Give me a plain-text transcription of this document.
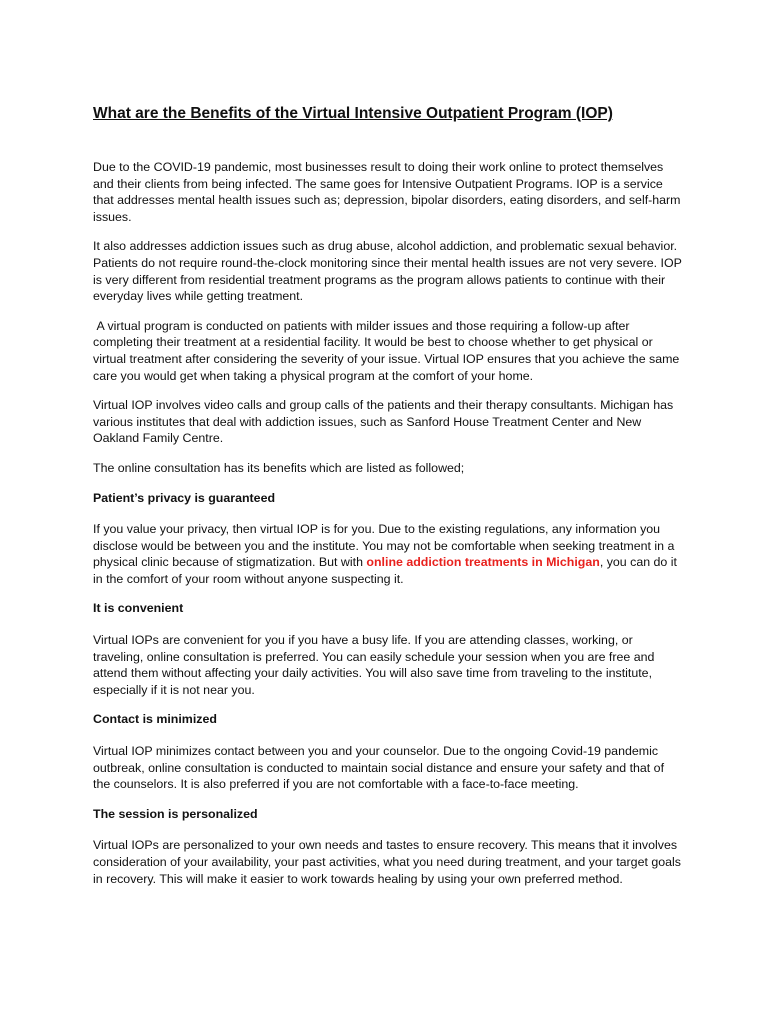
What are the Benefits of the Virtual Intensive Outpatient Program (IOP)

Due to the COVID-19 pandemic, most businesses result to doing their work online to protect themselves and their clients from being infected. The same goes for Intensive Outpatient Programs. IOP is a service that addresses mental health issues such as; depression, bipolar disorders, eating disorders, and self-harm issues.

It also addresses addiction issues such as drug abuse, alcohol addiction, and problematic sexual behavior. Patients do not require round-the-clock monitoring since their mental health issues are not very severe. IOP is very different from residential treatment programs as the program allows patients to continue with their everyday lives while getting treatment.

A virtual program is conducted on patients with milder issues and those requiring a follow-up after completing their treatment at a residential facility. It would be best to choose whether to get physical or virtual treatment after considering the severity of your issue. Virtual IOP ensures that you achieve the same care you would get when taking a physical program at the comfort of your home.

Virtual IOP involves video calls and group calls of the patients and their therapy consultants. Michigan has various institutes that deal with addiction issues, such as Sanford House Treatment Center and New Oakland Family Centre.

The online consultation has its benefits which are listed as followed;

Patient’s privacy is guaranteed

If you value your privacy, then virtual IOP is for you. Due to the existing regulations, any information you disclose would be between you and the institute. You may not be comfortable when seeking treatment in a physical clinic because of stigmatization. But with online addiction treatments in Michigan, you can do it in the comfort of your room without anyone suspecting it.

It is convenient

Virtual IOPs are convenient for you if you have a busy life. If you are attending classes, working, or traveling, online consultation is preferred. You can easily schedule your session when you are free and attend them without affecting your daily activities. You will also save time from traveling to the institute, especially if it is not near you.

Contact is minimized

Virtual IOP minimizes contact between you and your counselor. Due to the ongoing Covid-19 pandemic outbreak, online consultation is conducted to maintain social distance and ensure your safety and that of the counselors. It is also preferred if you are not comfortable with a face-to-face meeting.

The session is personalized

Virtual IOPs are personalized to your own needs and tastes to ensure recovery. This means that it involves consideration of your availability, your past activities, what you need during treatment, and your target goals in recovery. This will make it easier to work towards healing by using your own preferred method.
